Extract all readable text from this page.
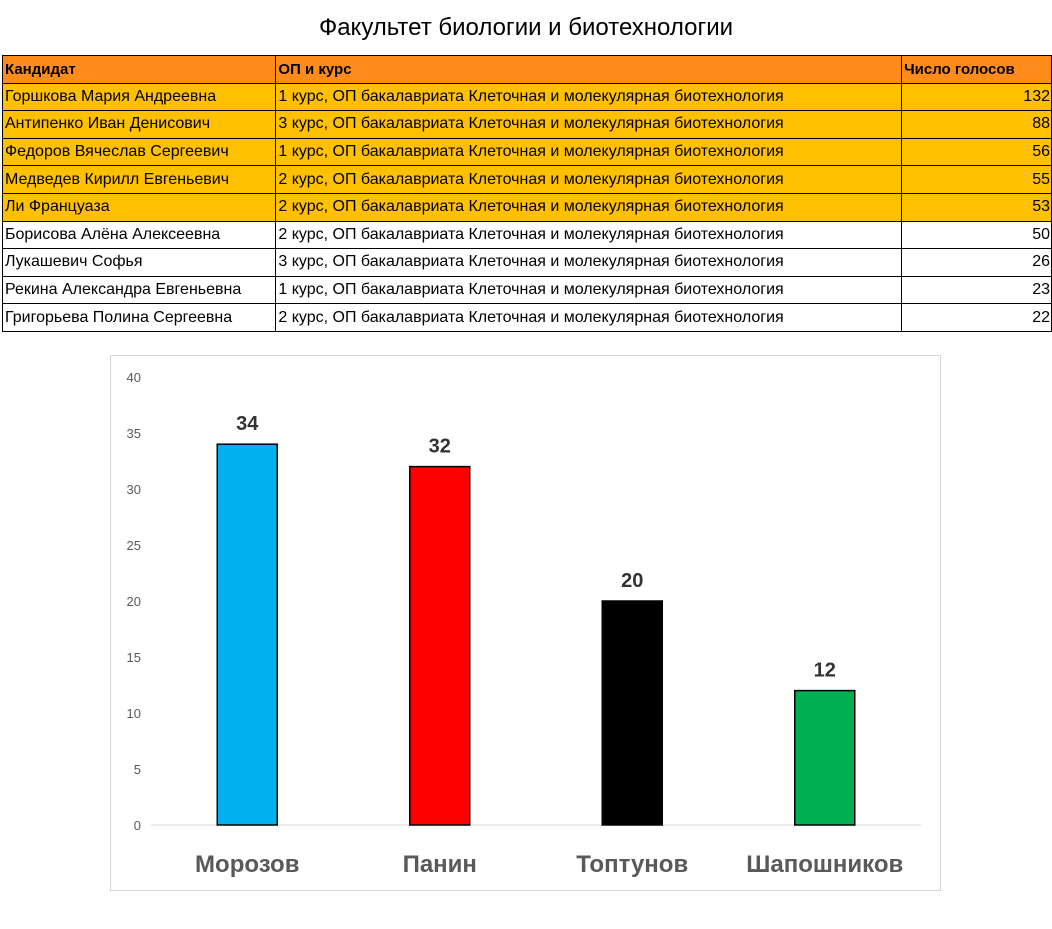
Факультет биологии и биотехнологии
Кандидат	ОП и курс	Число голосов
Горшкова Мария Андреевна	1 курс, ОП бакалавриата Клеточная и молекулярная биотехнология	132
Антипенко Иван Денисович	3 курс, ОП бакалавриата Клеточная и молекулярная биотехнология	88
Федоров Вячеслав Сергеевич	1 курс, ОП бакалавриата Клеточная и молекулярная биотехнология	56
Медведев Кирилл Евгеньевич	2 курс, ОП бакалавриата Клеточная и молекулярная биотехнология	55
Ли Француаза	2 курс, ОП бакалавриата Клеточная и молекулярная биотехнология	53
Борисова Алёна Алексеевна	2 курс, ОП бакалавриата Клеточная и молекулярная биотехнология	50
Лукашевич Софья	3 курс, ОП бакалавриата Клеточная и молекулярная биотехнология	26
Рекина Александра Евгеньевна	1 курс, ОП бакалавриата Клеточная и молекулярная биотехнология	23
Григорьева Полина Сергеевна	2 курс, ОП бакалавриата Клеточная и молекулярная биотехнология	22
0
5
10
15
20
25
30
35
40
34
Морозов
32
Панин
20
Топтунов
12
Шапошников
